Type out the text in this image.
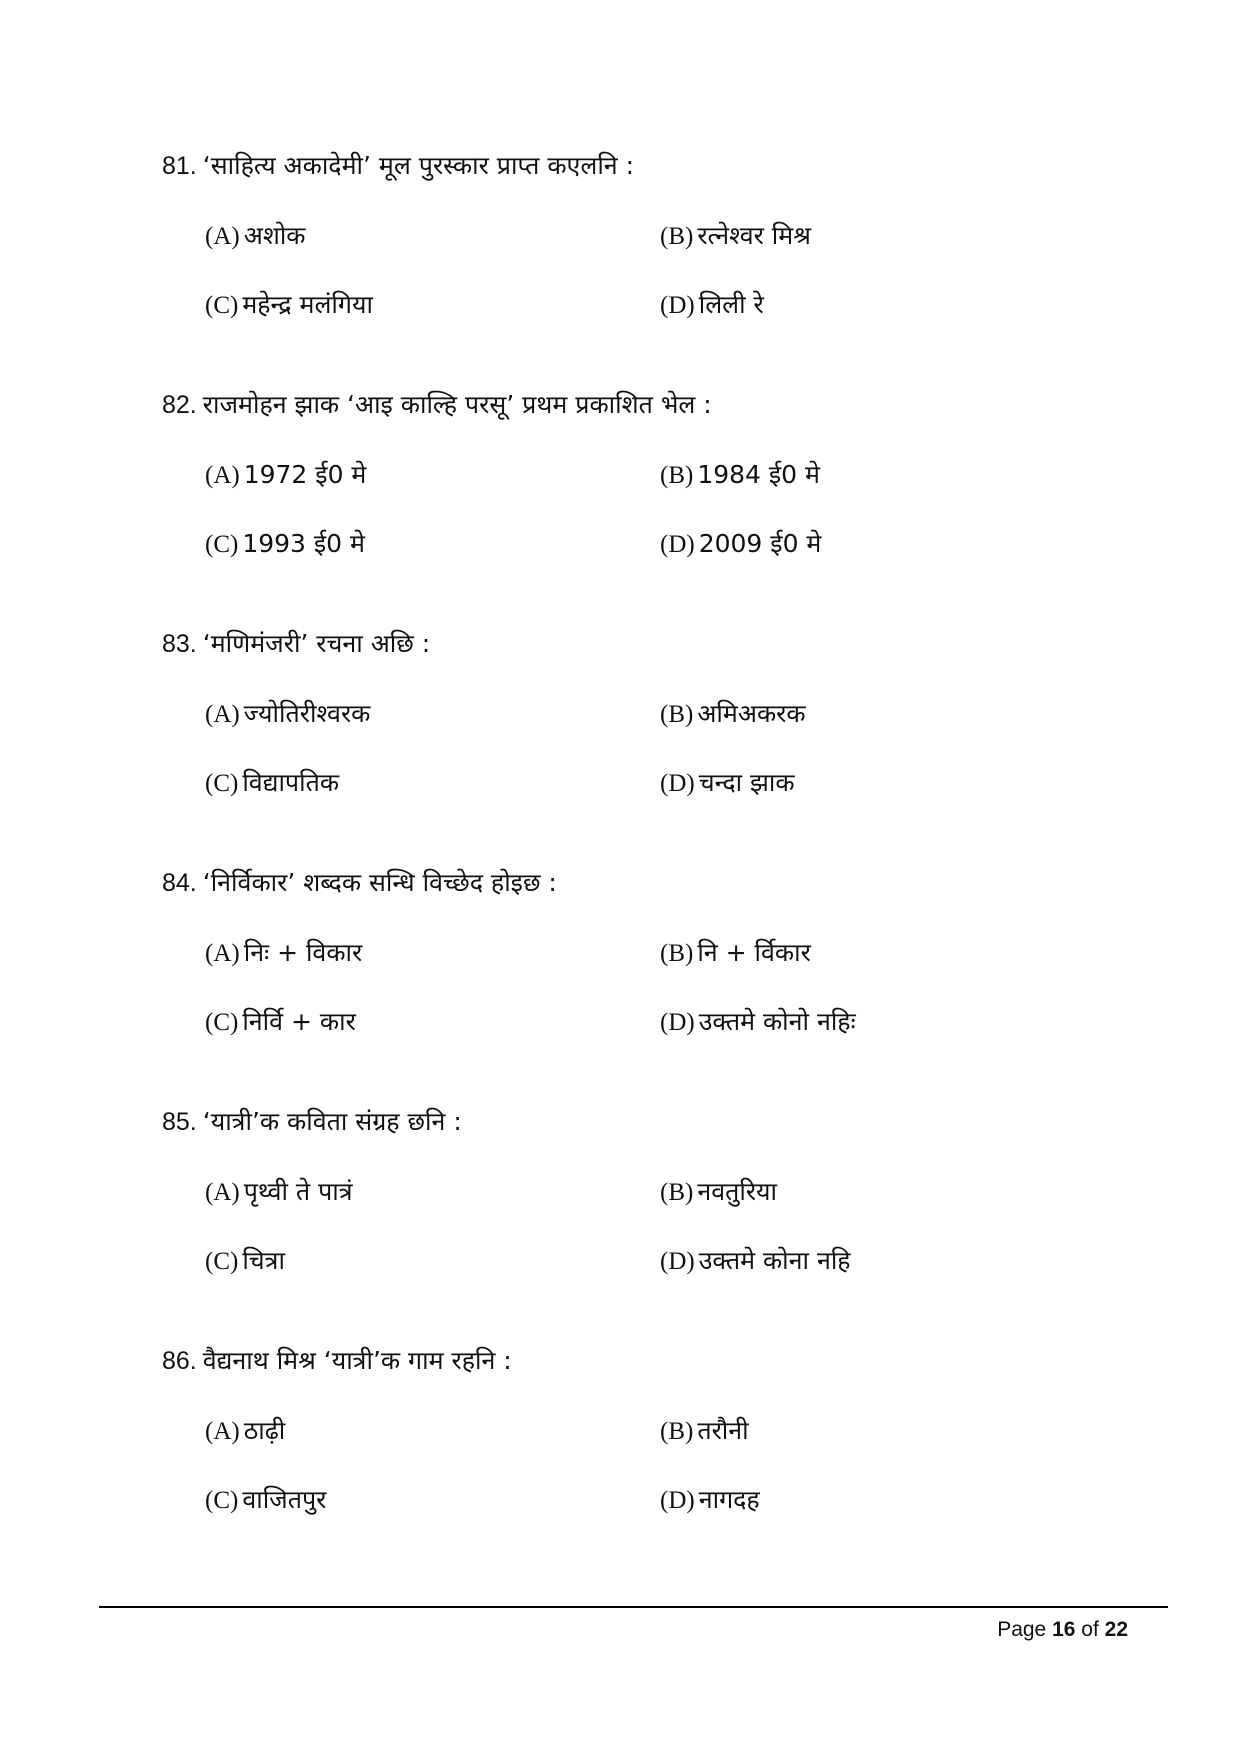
81. ‘साहित्य अकादेमी’ मूल पुरस्कार प्राप्त कएलनि :
(A) अशोक	(B) रत्नेश्वर मिश्र
(C) महेन्द्र मलंगिया	(D) लिली रे
82. राजमोहन झाक ‘आइ काल्हि परसू’ प्रथम प्रकाशित भेल :
(A) 1972 ई0 मे	(B) 1984 ई0 मे
(C) 1993 ई0 मे	(D) 2009 ई0 मे
83. ‘मणिमंजरी’ रचना अछि :
(A) ज्योतिरीश्वरक	(B) अमिअकरक
(C) विद्यापतिक	(D) चन्दा झाक
84. ‘निर्विकार’ शब्दक सन्धि विच्छेद होइछ :
(A) निः + विकार	(B) नि + र्विकार
(C) निर्वि + कार	(D) उक्तमे कोनो नहिः
85. ‘यात्री’क कविता संग्रह छनि :
(A) पृथ्वी ते पात्रं	(B) नवतुरिया
(C) चित्रा	(D) उक्तमे कोना नहि
86. वैद्यनाथ मिश्र ‘यात्री’क गाम रहनि :
(A) ठाढ़ी	(B) तरौनी
(C) वाजितपुर	(D) नागदह
Page 16 of 22
